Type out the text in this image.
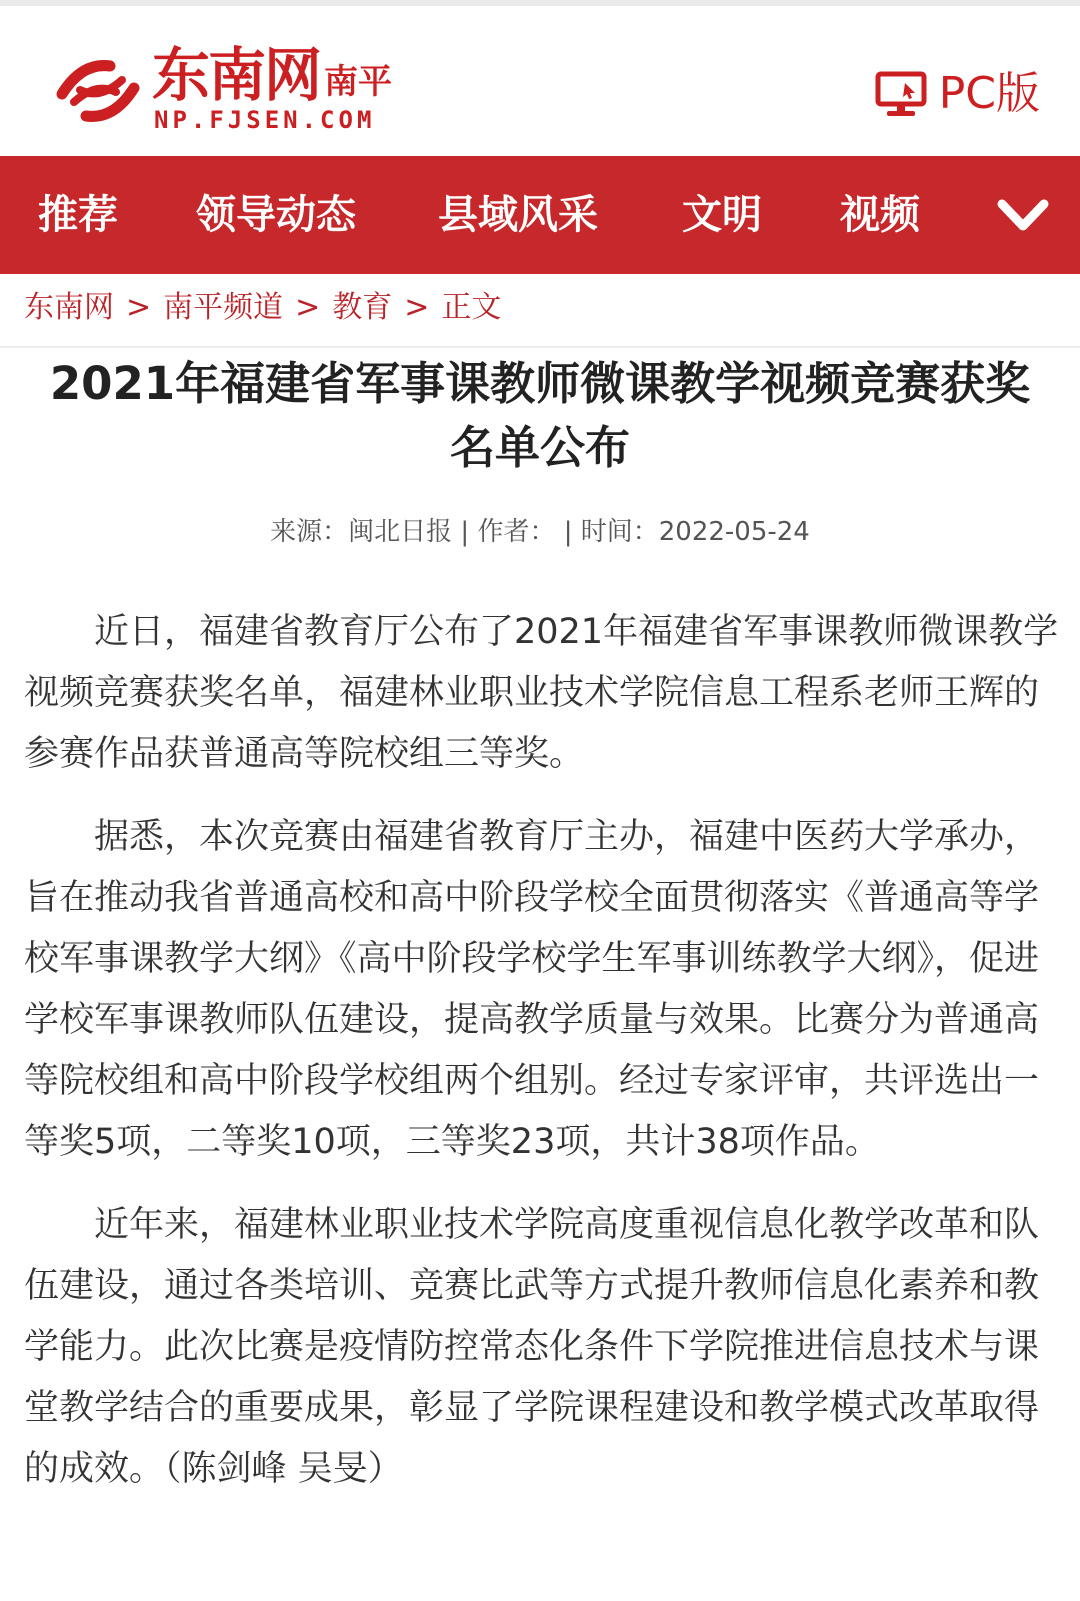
东南网 南平
NP.FJSEN.COM
PC版
推荐 领导动态 县域风采 文明 视频
东南网 > 南平频道 > 教育 > 正文
2021年福建省军事课教师微课教学视频竞赛获奖
名单公布
来源：闽北日报 | 作者： | 时间：2022-05-24

近日，福建省教育厅公布了2021年福建省军事课教师微课教学视频竞赛获奖名单，福建林业职业技术学院信息工程系老师王辉的参赛作品获普通高等院校组三等奖。

据悉，本次竞赛由福建省教育厅主办，福建中医药大学承办，旨在推动我省普通高校和高中阶段学校全面贯彻落实《普通高等学校军事课教学大纲》《高中阶段学校学生军事训练教学大纲》，促进学校军事课教师队伍建设，提高教学质量与效果。比赛分为普通高等院校组和高中阶段学校组两个组别。经过专家评审，共评选出一等奖5项，二等奖10项，三等奖23项，共计38项作品。

近年来，福建林业职业技术学院高度重视信息化教学改革和队伍建设，通过各类培训、竞赛比武等方式提升教师信息化素养和教学能力。此次比赛是疫情防控常态化条件下学院推进信息技术与课堂教学结合的重要成果，彰显了学院课程建设和教学模式改革取得的成效。（陈剑峰 吴旻）
